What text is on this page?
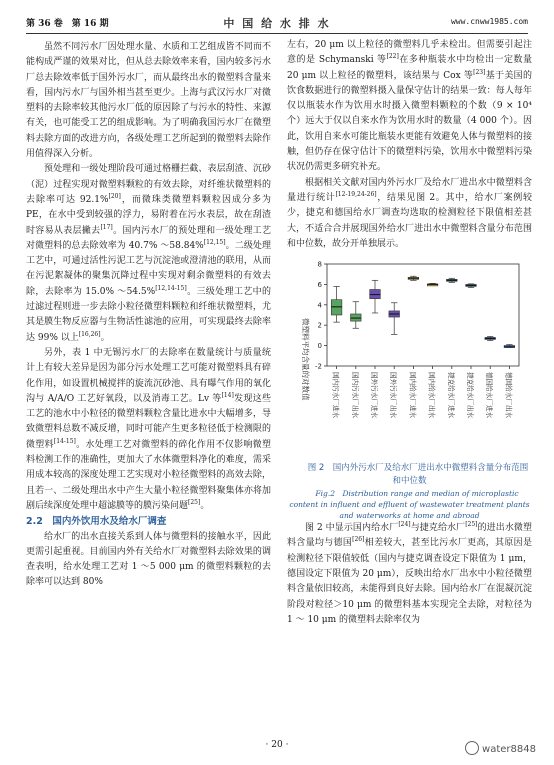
第 36 卷　第 16 期	中 国 给 水 排 水	www.cnww1985.com

虽然不同污水厂因处理水量、水质和工艺组成皆不同而不能构成严谨的效果对比，但从总去除效率来看，国内较多污水厂总去除效率低于国外污水厂，而从最终出水的微塑料含量来看，国内污水厂与国外相当甚至更少。上海与武汉污水厂对微塑料的去除率较其他污水厂低的原因除了与污水的特性、来源有关，也可能受工艺的组成影响。为了明确我国污水厂在微塑料去除方面的改进方向，各级处理工艺所起到的微塑料去除作用值得深入分析。

预处理和一级处理阶段可通过格栅拦截、表层刮渣、沉砂（泥）过程实现对微塑料颗粒的有效去除，对纤维状微塑料的去除率可达 92.1%[20]，而微珠类微塑料颗粒因成分多为 PE，在水中受到较强的浮力，易附着在污水表层，故在刮渣时容易从表层撇去[17]。国内污水厂的预处理和一级处理工艺对微塑料的总去除效率为 40.7% ～58.84%[12,15]。二级处理工艺中，可通过活性污泥工艺与沉淀池或澄清池的联用，从而在污泥絮凝体的聚集沉降过程中实现对剩余微塑料的有效去除，去除率为 15.0% ～54.5%[12,14-15]。三级处理工艺中的过滤过程则进一步去除小粒径微塑料颗粒和纤维状微塑料，尤其是膜生物反应器与生物活性滤池的应用，可实现最终去除率达 99% 以上[16,26]。

另外，表 1 中无锡污水厂的去除率在数量统计与质量统计上有较大差异是因为部分污水处理工艺可能对微塑料具有碎化作用，如设置机械搅拌的旋流沉砂池、具有曝气作用的氧化沟与 A/A/O 工艺好氧段，以及消毒工艺。Lv 等[14]发现这些工艺的池水中小粒径的微塑料颗粒含量比进水中大幅增多，导致微塑料总数不减反增，同时可能产生更多粒径低于检测限的微塑料[14-15]。水处理工艺对微塑料的碎化作用不仅影响微塑料检测工作的准确性，更加大了水体微塑料净化的难度，需采用成本较高的深度处理工艺实现对小粒径微塑料的高效去除，且若一、二级处理出水中产生大量小粒径微塑料聚集体亦将加剧后续深度处理中超滤膜等的膜污染问题[25]。

2.2　国内外饮用水及给水厂调查

给水厂的出水直接关系到人体与微塑料的接触水平，因此更需引起重视。目前国内外有关给水厂对微塑料去除效果的调查表明，给水处理工艺对 1 ～5 000 μm 的微塑料颗粒的去除率可以达到 80%

左右，20 μm 以上粒径的微塑料几乎未检出。但需要引起注意的是 Schymanski 等[22]在多种瓶装水中均检出一定数量 20 μm 以上粒径的微塑料，该结果与 Cox 等[23]基于美国的饮食数据进行的微塑料摄入量保守估计的结果一致：每人每年仅以瓶装水作为饮用水时摄入微塑料颗粒的个数（9 × 10⁴ 个）远大于仅以自来水作为饮用水时的数量（4 000 个）。因此，饮用自来水可能比瓶装水更能有效避免人体与微塑料的接触，但仍存在保守估计下的微塑料污染，饮用水中微塑料污染状况仍需更多研究补充。

根据相关文献对国内外污水厂及给水厂进出水中微塑料含量进行统计[12-19,24-26]，结果见图 2。其中，给水厂案例较少，捷克和德国给水厂调查均选取的检测粒径下限值相差甚大，不适合合并展现国外给水厂进出水中微塑料含量分布范围和中位数，故分开单独展示。

-2
0
2
4
6
8
国内污水厂进水 国内污水厂出水 国外污水厂进水 国外污水厂出水 国内给水厂进水 国内给水厂出水 捷克给水厂进水 捷克给水厂出水 德国给水厂进水 德国给水厂出水
微塑料平均含量的对数值

图 2　国内外污水厂及给水厂进出水中微塑料含量分布范围和中位数

Fig.2　Distribution range and median of microplastic content in influent and effluent of wastewater treatment plants and waterworks at home and abroad

图 2 中显示国内给水厂[24]与捷克给水厂[25]的进出水微塑料含量均与德国[26]相差较大，甚至比污水厂更高，其原因是检测粒径下限值较低（国内与捷克调查设定下限值为 1 μm，德国设定下限值为 20 μm），反映出给水厂出水中小粒径微塑料含量依旧较高，未能得到良好去除。国内给水厂在混凝沉淀阶段对粒径＞10 μm 的微塑料基本实现完全去除，对粒径为 1 ～ 10 μm 的微塑料去除率仅为

· 20 ·	water8848
